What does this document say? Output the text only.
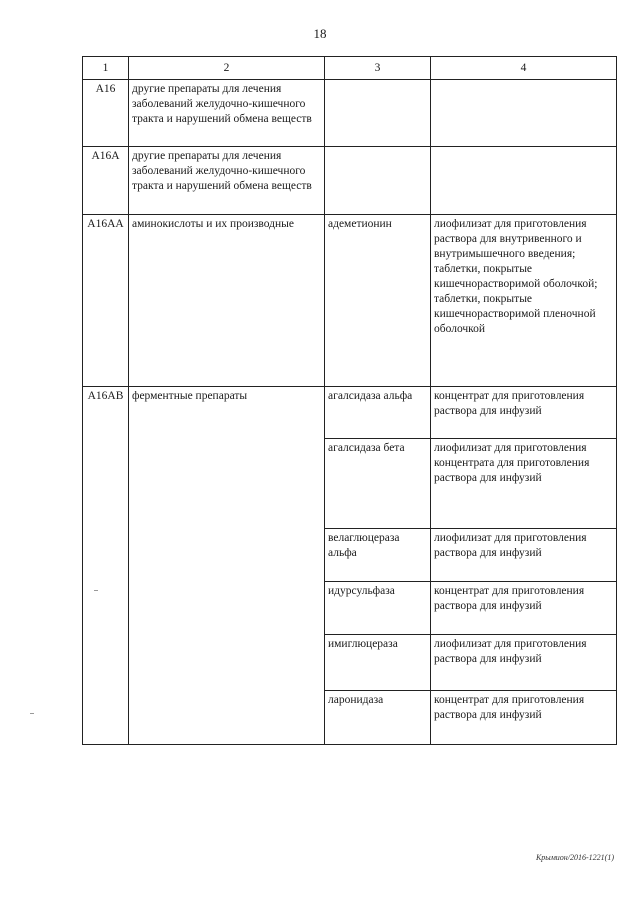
18
1	2	3	4
A16	другие препараты для лечения заболеваний желудочно-кишечного тракта и нарушений обмена веществ		
A16A	другие препараты для лечения заболеваний желудочно-кишечного тракта и нарушений обмена веществ		
A16AA	аминокислоты и их производные	адеметионин	лиофилизат для приготовления раствора для внутривенного и внутримышечного введения;
таблетки, покрытые кишечнорастворимой оболочкой;
таблетки, покрытые кишечнорастворимой пленочной оболочкой
A16AB	ферментные препараты	агалсидаза альфа	концентрат для приготовления раствора для инфузий
		агалсидаза бета	лиофилизат для приготовления концентрата для приготовления раствора для инфузий
		велаглюцераза альфа	лиофилизат для приготовления раствора для инфузий
		идурсульфаза	концентрат для приготовления раствора для инфузий
		имиглюцераза	лиофилизат для приготовления раствора для инфузий
		ларонидаза	концентрат для приготовления раствора для инфузий
Крымион/2016-1221(1)
